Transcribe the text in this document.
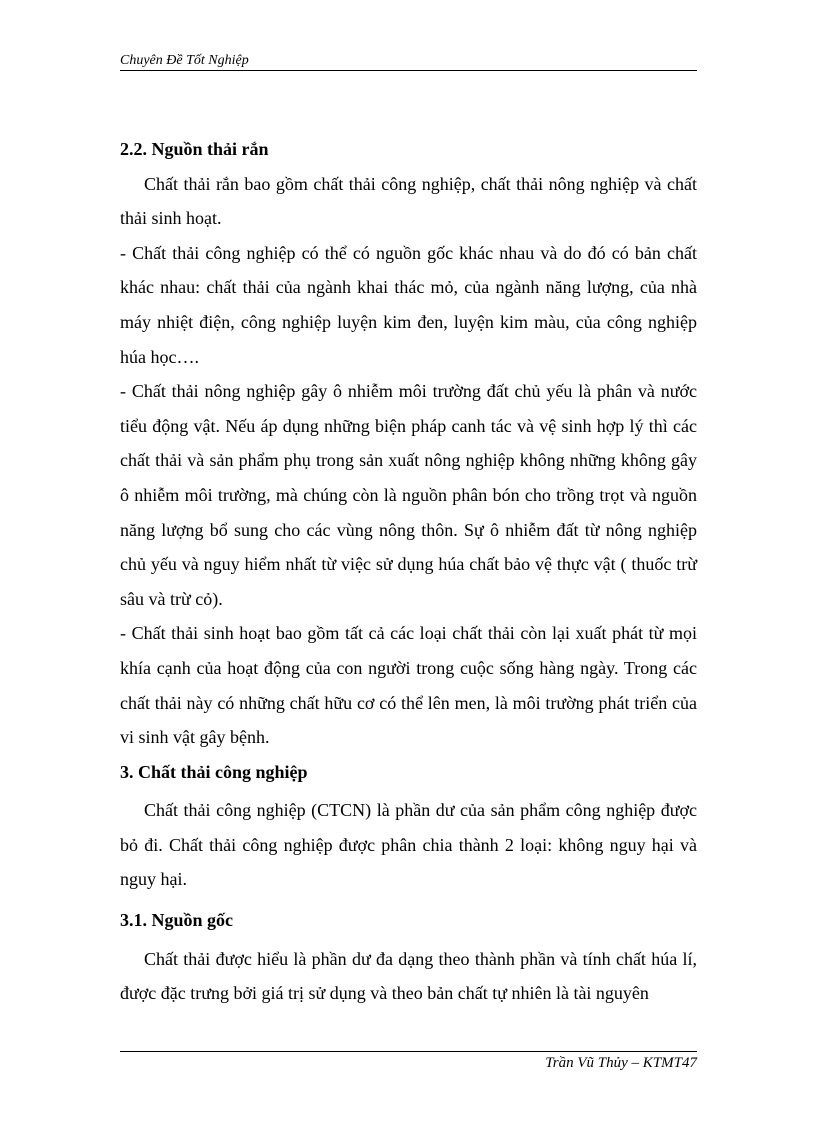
Chuyên Đề Tốt Nghiệp
2.2. Nguồn thải rắn

Chất thải rắn bao gồm chất thải công nghiệp, chất thải nông nghiệp và chất thải sinh hoạt.

- Chất thải công nghiệp có thể có nguồn gốc khác nhau và do đó có bản chất khác nhau: chất thải của ngành khai thác mỏ, của ngành năng lượng, của nhà máy nhiệt điện, công nghiệp luyện kim đen, luyện kim màu, của công nghiệp húa học….

- Chất thải nông nghiệp gây ô nhiễm môi trường đất chủ yếu là phân và nước tiểu động vật. Nếu áp dụng những biện pháp canh tác và vệ sinh hợp lý thì các chất thải và sản phẩm phụ trong sản xuất nông nghiệp không những không gây ô nhiễm môi trường, mà chúng còn là nguồn phân bón cho trồng trọt và nguồn năng lượng bổ sung cho các vùng nông thôn. Sự ô nhiễm đất từ nông nghiệp chủ yếu và nguy hiểm nhất từ việc sử dụng húa chất bảo vệ thực vật ( thuốc trừ sâu và trừ cỏ).

- Chất thải sinh hoạt bao gồm tất cả các loại chất thải còn lại xuất phát từ mọi khía cạnh của hoạt động của con người trong cuộc sống hàng ngày. Trong các chất thải này có những chất hữu cơ có thể lên men, là môi trường phát triển của vi sinh vật gây bệnh.

3. Chất thải công nghiệp

Chất thải công nghiệp (CTCN) là phần dư của sản phẩm công nghiệp được bỏ đi. Chất thải công nghiệp được phân chia thành 2 loại: không nguy hại và nguy hại.

3.1. Nguồn gốc

Chất thải được hiểu là phần dư đa dạng theo thành phần và tính chất húa lí, được đặc trưng bởi giá trị sử dụng và theo bản chất tự nhiên là tài nguyên

Trần Vũ Thủy – KTMT47
